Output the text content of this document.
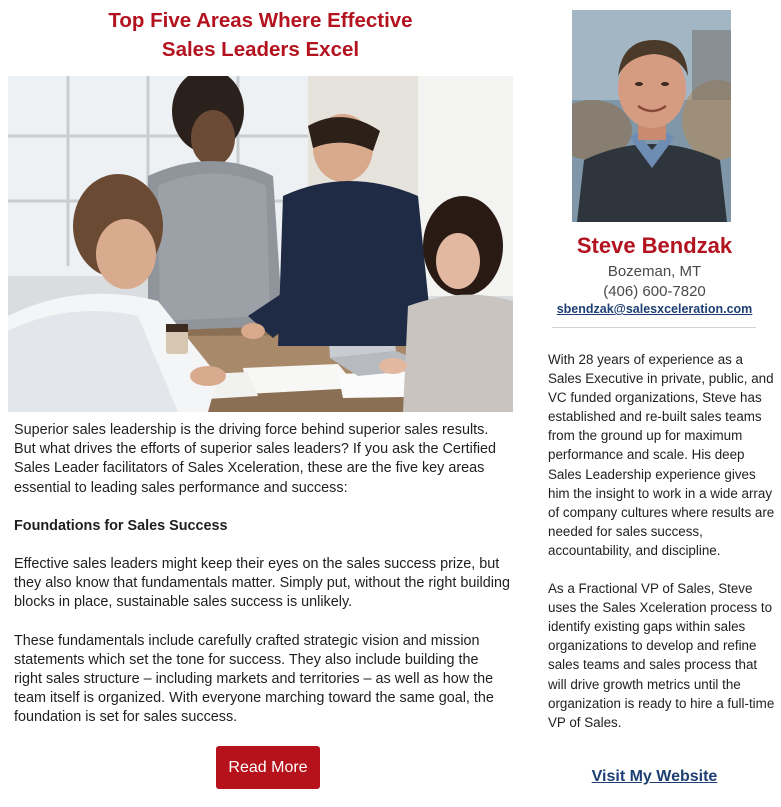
Top Five Areas Where Effective
Sales Leaders Excel

Superior sales leadership is the driving force behind superior sales results. But what drives the efforts of superior sales leaders? If you ask the Certified Sales Leader facilitators of Sales Xceleration, these are the five key areas essential to leading sales performance and success:

Foundations for Sales Success

Effective sales leaders might keep their eyes on the sales success prize, but they also know that fundamentals matter. Simply put, without the right building blocks in place, sustainable sales success is unlikely.

These fundamentals include carefully crafted strategic vision and mission statements which set the tone for success. They also include building the right sales structure – including markets and territories – as well as how the team itself is organized. With everyone marching toward the same goal, the foundation is set for sales success.

Read More
Steve Bendzak
Bozeman, MT
(406) 600-7820
sbendzak@salesxceleration.com

With 28 years of experience as a Sales Executive in private, public, and VC funded organizations, Steve has established and re-built sales teams from the ground up for maximum performance and scale. His deep Sales Leadership experience gives him the insight to work in a wide array of company cultures where results are needed for sales success, accountability, and discipline.

As a Fractional VP of Sales, Steve uses the Sales Xceleration process to identify existing gaps within sales organizations to develop and refine sales teams and sales process that will drive growth metrics until the organization is ready to hire a full-time VP of Sales.

Visit My Website
